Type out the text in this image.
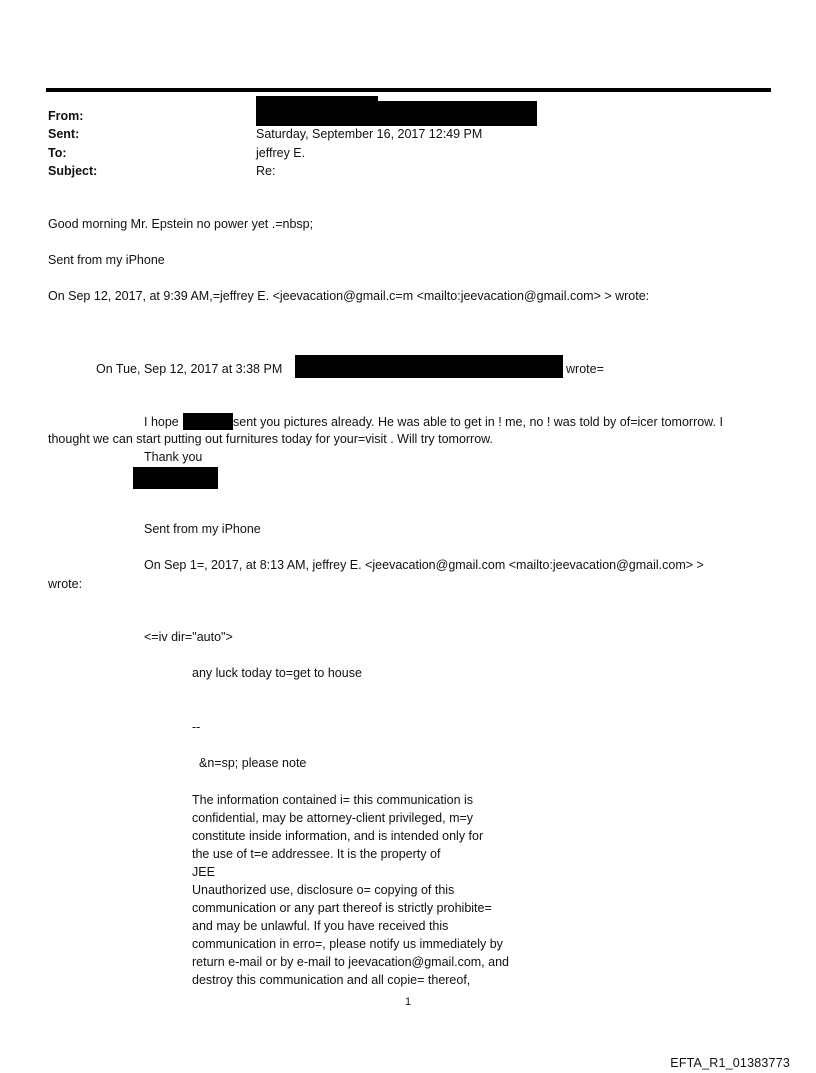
From:
Sent:
To:
Subject:
Saturday, September 16, 2017 12:49 PM
jeffrey E.
Re:
Good morning Mr. Epstein no power yet .=nbsp;
Sent from my iPhone
On Sep 12, 2017, at 9:39 AM,=jeffrey E. <jeevacation@gmail.c=m <mailto:jeevacation@gmail.com> > wrote:
On Tue, Sep 12, 2017 at 3:38 PM	wrote=
I hope	sent you pictures already. He was able to get in ! me, no ! was told by of=icer tomorrow. I
thought we can start putting out furnitures today for your=visit . Will try tomorrow.
Thank you
Sent from my iPhone
On Sep 1=, 2017, at 8:13 AM, jeffrey E. <jeevacation@gmail.com <mailto:jeevacation@gmail.com> >
wrote:
<=iv dir="auto">
any luck today to=get to house
--
&n=sp; please note
The information contained i= this communication is
confidential, may be attorney-client privileged, m=y
constitute inside information, and is intended only for
the use of t=e addressee. It is the property of
JEE
Unauthorized use, disclosure o= copying of this
communication or any part thereof is strictly prohibite=
and may be unlawful. If you have received this
communication in erro=, please notify us immediately by
return e-mail or by e-mail to jeevacation@gmail.com, and
destroy this communication and all copie= thereof,
1
EFTA_R1_01383773
